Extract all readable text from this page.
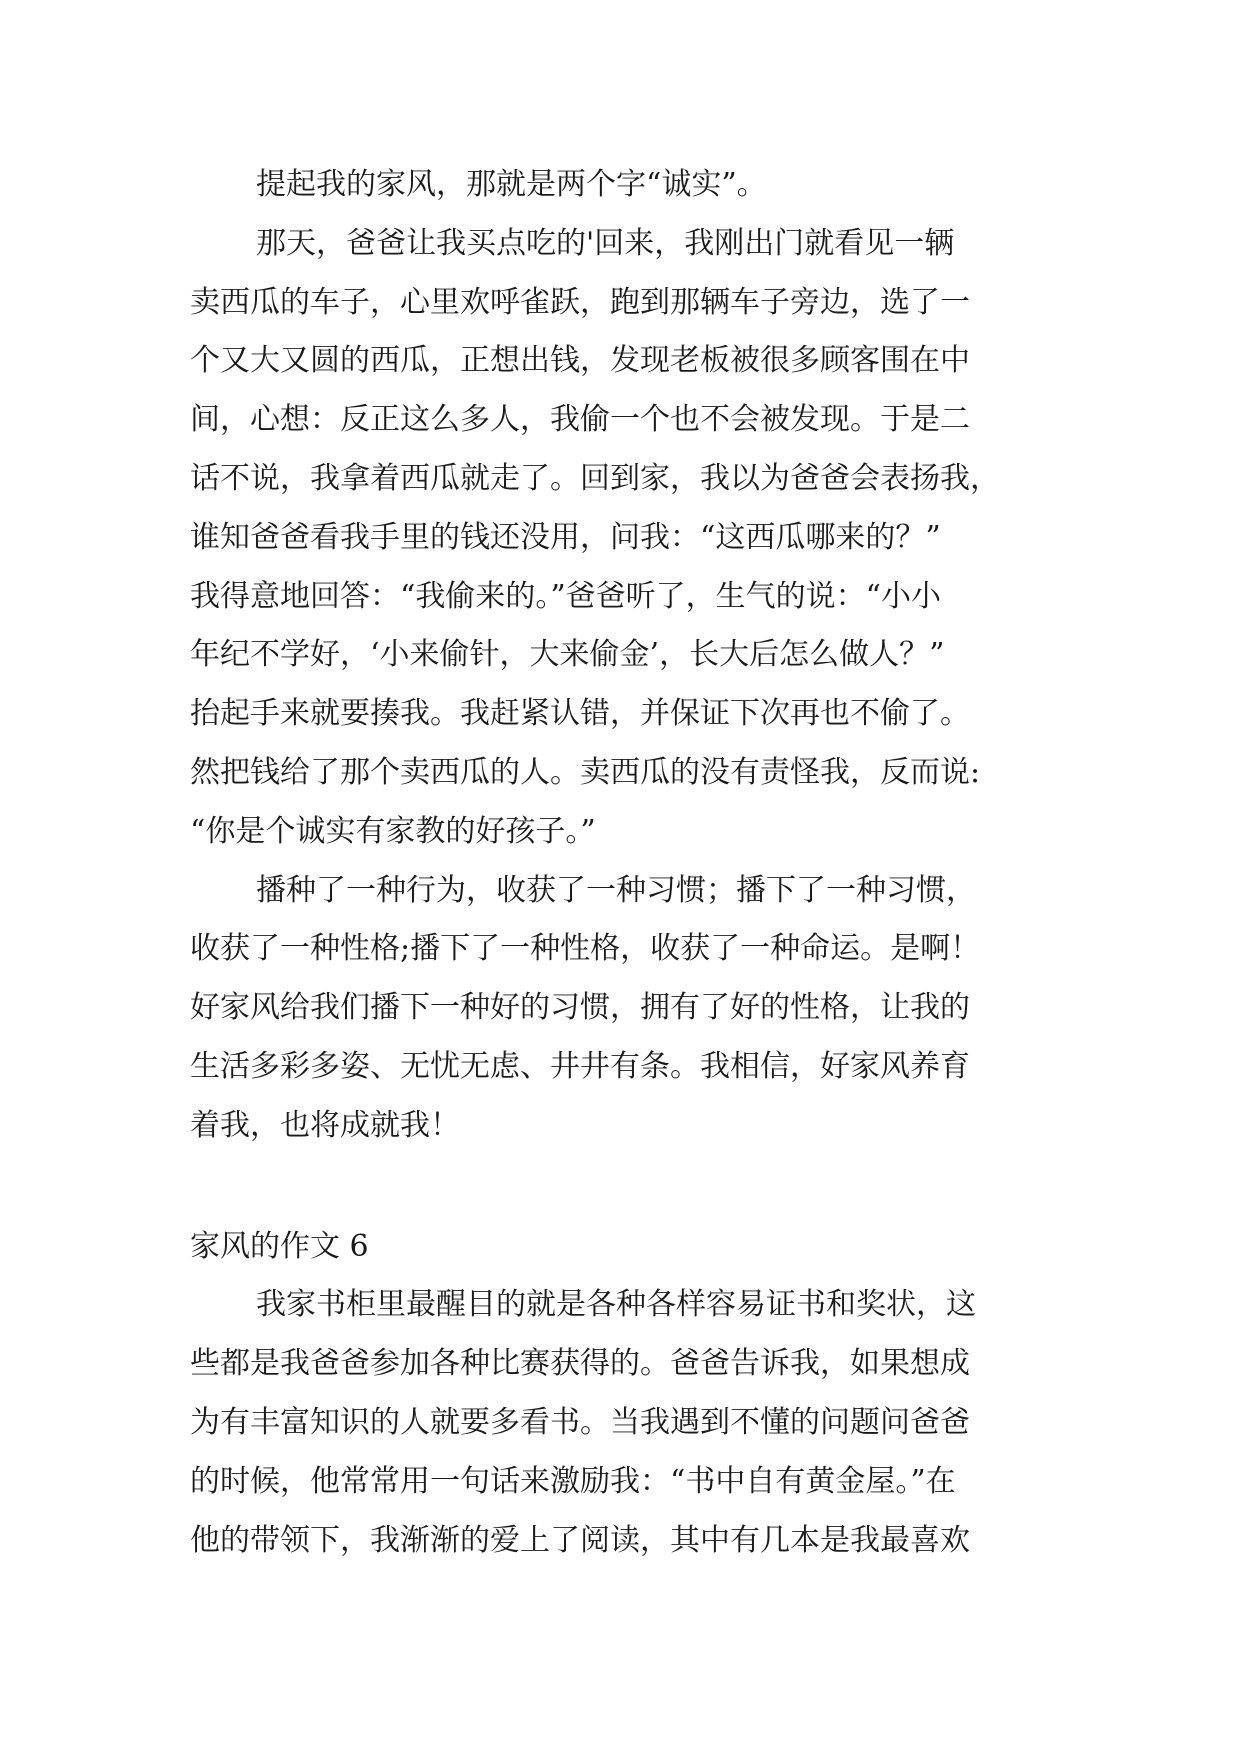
提起我的家风，那就是两个字“诚实”。
那天，爸爸让我买点吃的'回来，我刚出门就看见一辆
卖西瓜的车子，心里欢呼雀跃，跑到那辆车子旁边，选了一
个又大又圆的西瓜，正想出钱，发现老板被很多顾客围在中
间，心想：反正这么多人，我偷一个也不会被发现。于是二
话不说，我拿着西瓜就走了。回到家，我以为爸爸会表扬我，
谁知爸爸看我手里的钱还没用，问我：“这西瓜哪来的？”
我得意地回答：“我偷来的。”爸爸听了，生气的说：“小小
年纪不学好，‘小来偷针，大来偷金’，长大后怎么做人？”
抬起手来就要揍我。我赶紧认错，并保证下次再也不偷了。
然把钱给了那个卖西瓜的人。卖西瓜的没有责怪我，反而说:
“你是个诚实有家教的好孩子。”
播种了一种行为，收获了一种习惯；播下了一种习惯，
收获了一种性格;播下了一种性格，收获了一种命运。是啊！
好家风给我们播下一种好的习惯，拥有了好的性格，让我的
生活多彩多姿、无忧无虑、井井有条。我相信，好家风养育
着我，也将成就我！
家风的作文 6
我家书柜里最醒目的就是各种各样容易证书和奖状，这
些都是我爸爸参加各种比赛获得的。爸爸告诉我，如果想成
为有丰富知识的人就要多看书。当我遇到不懂的问题问爸爸
的时候，他常常用一句话来激励我：“书中自有黄金屋。”在
他的带领下，我渐渐的爱上了阅读，其中有几本是我最喜欢
